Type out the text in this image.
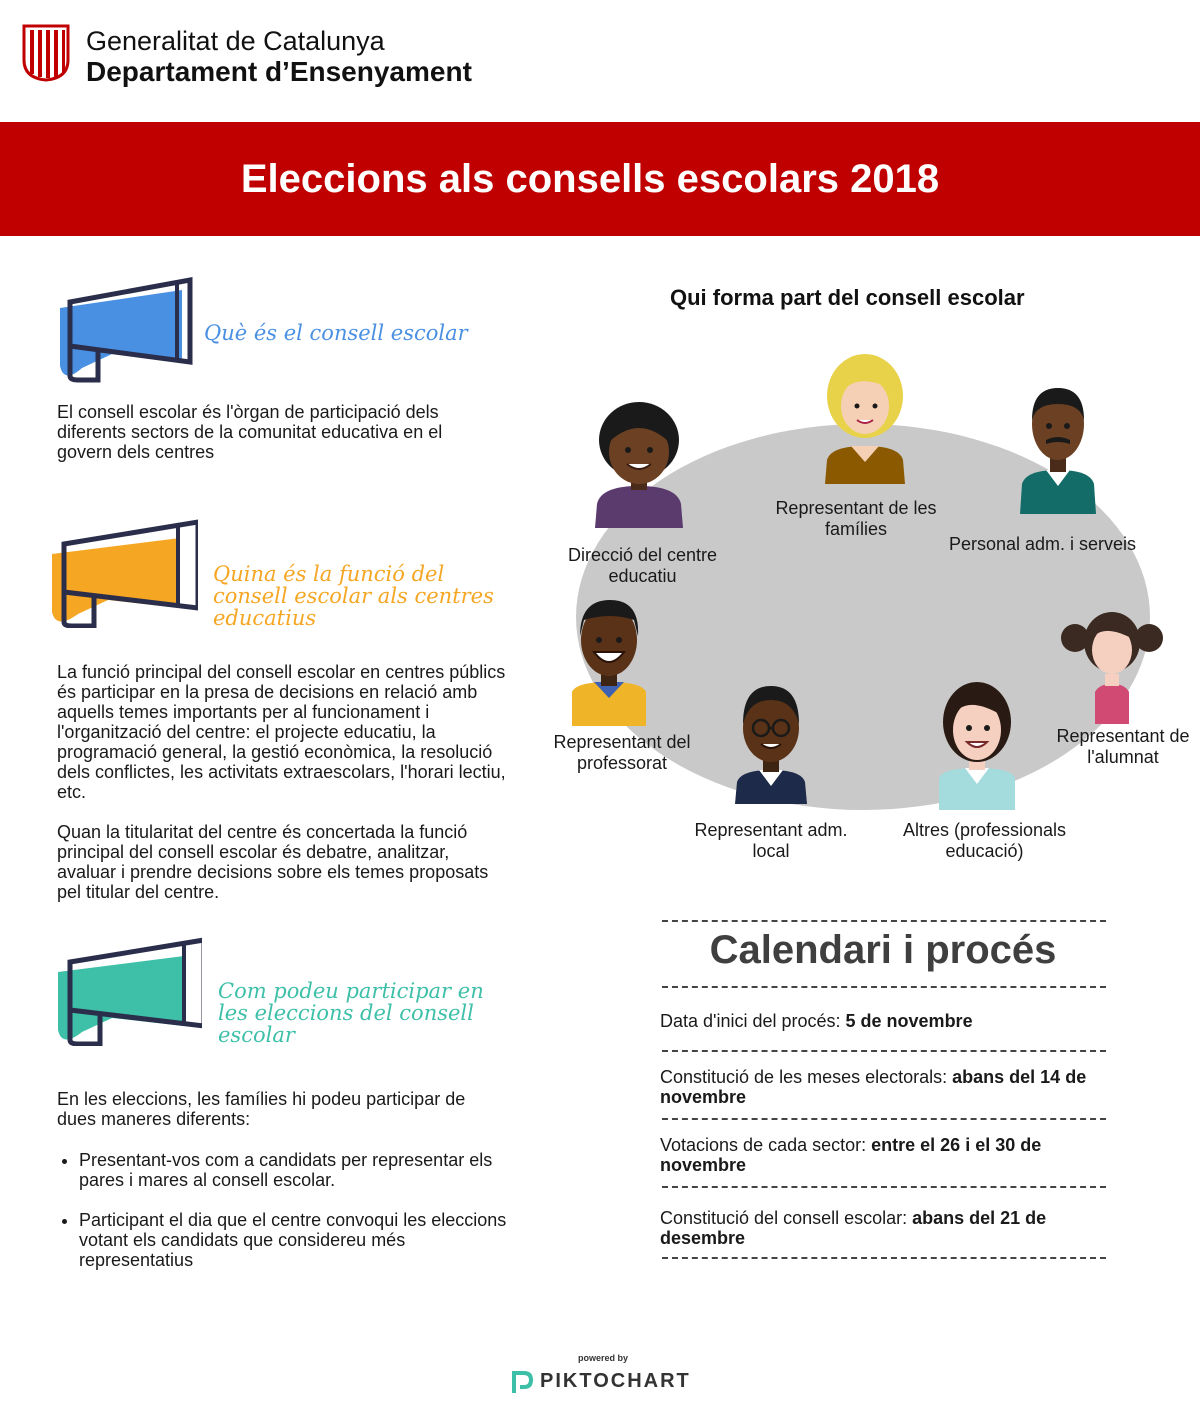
Generalitat de Catalunya
Departament d’Ensenyament
Eleccions als consells escolars 2018
Què és el consell escolar
El consell escolar és l'òrgan de participació dels diferents sectors de la comunitat educativa en el govern dels centres
Quina és la funció del consell escolar als centres educatius
La funció principal del consell escolar en centres públics és participar en la presa de decisions en relació amb aquells temes importants per al funcionament i l'organització del centre: el projecte educatiu, la programació general, la gestió econòmica, la resolució dels conflictes, les activitats extraescolars, l'horari lectiu, etc.
Quan la titularitat del centre és concertada la funció principal del consell escolar és debatre, analitzar, avaluar i prendre decisions sobre els temes proposats pel titular del centre.
Com podeu participar en les eleccions del consell escolar
En les eleccions, les famílies hi podeu participar de dues maneres diferents:
• Presentant-vos com a candidats per representar els pares i mares al consell escolar.
• Participant el dia que el centre convoqui les eleccions votant els candidats que considereu més representatius
Qui forma part del consell escolar
Direcció del centre educatiu
Representant de les famílies
Personal adm. i serveis
Representant del professorat
Representant adm. local
Altres (professionals educació)
Representant de l'alumnat
Calendari i procés
Data d'inici del procés: 5 de novembre
Constitució de les meses electorals: abans del 14 de novembre
Votacions de cada sector: entre el 26 i el 30 de novembre
Constitució del consell escolar: abans del 21 de desembre
powered by
PIKTOCHART
